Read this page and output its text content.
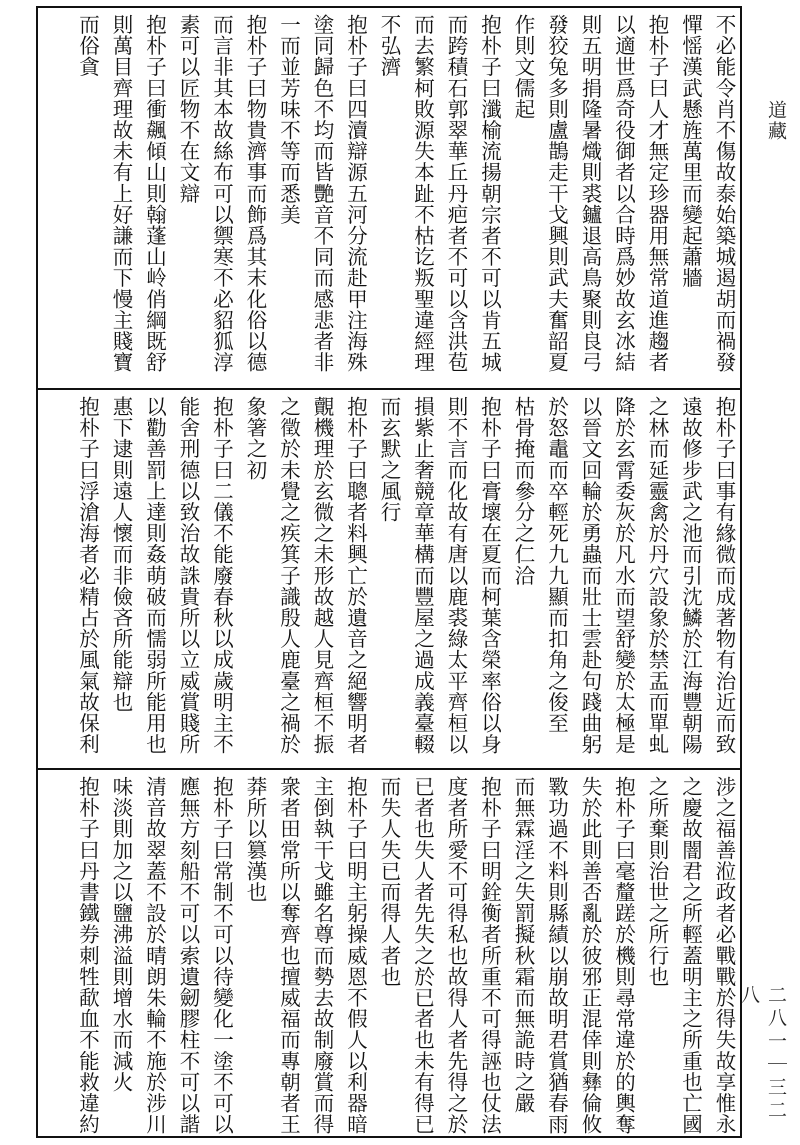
不必能令肖不傷故泰始築城遏胡而禍發
憚愮漢武懸旌萬里而變起蕭牆
抱朴子曰人才無定珍器用無常道進趨者
以適世爲奇役御者以合時爲妙故玄冰結
則五明捐隆暑熾則裘鑪退高鳥聚則良弓
發狡兔多則盧鵲走干戈興則武夫奮韶夏
作則文儒起
抱朴子曰瀸榆流揚朝宗者不可以肯五城
而跨積石郭翠華丘丹疤者不可以含洪苞
而去繁柯敗源失本趾不枯讫叛聖違經理
不弘濟
抱朴子曰四瀆辯源五河分流赴甲注海殊
塗同歸色不均而皆艷音不同而感悲者非
一而並芳味不等而悉美
抱朴子曰物貴濟事而飾爲其末化俗以德
而言非其本故絲布可以禦寒不必貂狐淳
素可以匠物不在文辯
抱朴子曰衝飆傾山則翰蓬山岭俏綱既舒
則萬目齊理故未有上好謙而下慢主賤寶
而俗貪
抱朴子曰事有緣微而成著物有治近而致
遠故修步武之池而引沈鱗於江海豐朝陽
之林而延靈禽於丹穴設象於禁盂而單虬
降於玄霄委灰於凡水而望舒變於太極是
以晉文回輪於勇蟲而壯士雲赴句踐曲躬
於怒鼃而卒輕死九九顯而扣角之俊至
枯骨掩而參分之仁洽
抱朴子曰膏壞在夏而柯葉含榮率俗以身
則不言而化故有唐以鹿裘綠太平齊桓以
損紫止奢競章華構而豐屋之過成義臺輟
而玄默之風行
抱朴子曰聰者料興亡於遺音之絕響明者
覿機理於玄微之未形故越人見齊桓不振
之徵於未覺之疾箕子識殷人鹿臺之禍於
象箸之初
抱朴子曰二儀不能廢春秋以成歲明主不
能舍刑德以致治故誅貴所以立威賞賤所
以勸善罰上達則姦萌破而懦弱所能用也
惠下逮則遠人懷而非儉吝所能辯也
抱朴子曰浮滄海者必精占於風氣故保利
涉之福善涖政者必戰戰於得失故享惟永
之慶故闇君之所輕蓋明主之所重也亡國
之所棄則治世之所行也
抱朴子曰毫釐蹉於機則尋常違於的輿奪
失於此則善否亂於彼邪正混倖則彝倫攸
斁功過不料則縣績以崩故明君賞猶春雨
而無霖淫之失罰擬秋霜而無詭時之嚴
抱朴子曰明銓衡者所重不可得誣也仗法
度者所愛不可得私也故得人者先得之於
已者也失人者先失之於已者也未有得已
而失人失已而得人者也
抱朴子曰明主躬操威恩不假人以利器暗
主倒執干戈雖名尊而勢去故制廢賞而得
衆者田常所以奪齊也擅威福而專朝者王
莽所以篡漢也
抱朴子曰常制不可以待變化一塗不可以
應無方刻船不可以索遺劒膠柱不可以諧
清音故翠蓋不設於晴朗朱輪不施於涉川
味淡則加之以鹽沸溢則增水而減火
抱朴子曰丹書鐵券刺牲歃血不能救違約
道藏
二八一｜三二八
